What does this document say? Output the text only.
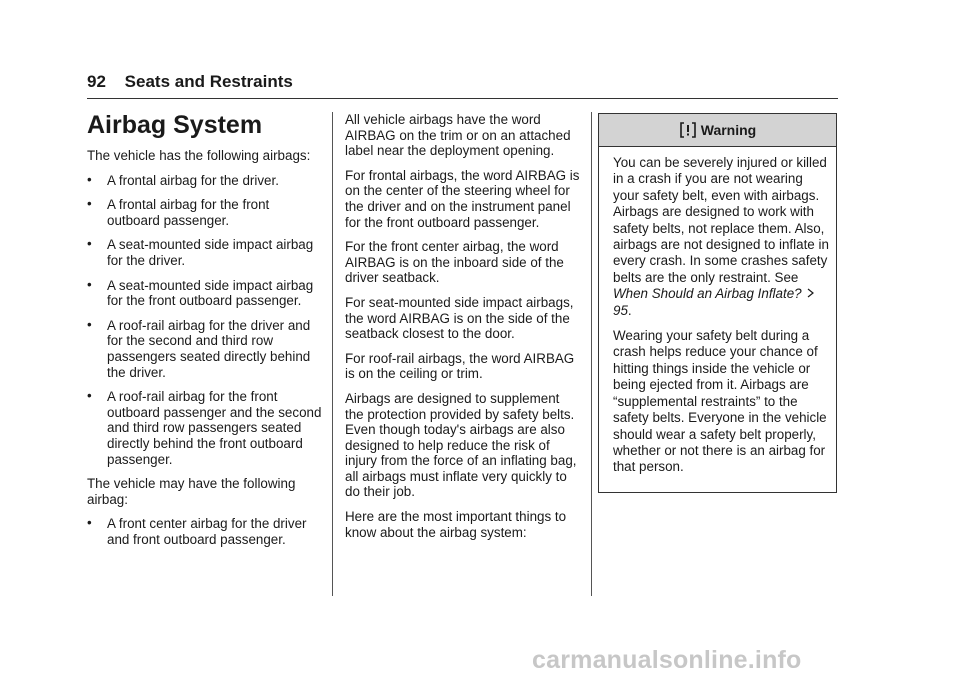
92 Seats and Restraints
Airbag System

The vehicle has the following airbags:

• A frontal airbag for the driver.
• A frontal airbag for the front outboard passenger.
• A seat-mounted side impact airbag for the driver.
• A seat-mounted side impact airbag for the front outboard passenger.
• A roof-rail airbag for the driver and for the second and third row passengers seated directly behind the driver.
• A roof-rail airbag for the front outboard passenger and the second and third row passengers seated directly behind the front outboard passenger.

The vehicle may have the following airbag:

• A front center airbag for the driver and front outboard passenger.

All vehicle airbags have the word AIRBAG on the trim or on an attached label near the deployment opening.

For frontal airbags, the word AIRBAG is on the center of the steering wheel for the driver and on the instrument panel for the front outboard passenger.

For the front center airbag, the word AIRBAG is on the inboard side of the driver seatback.

For seat-mounted side impact airbags, the word AIRBAG is on the side of the seatback closest to the door.

For roof-rail airbags, the word AIRBAG is on the ceiling or trim.

Airbags are designed to supplement the protection provided by safety belts. Even though today's airbags are also designed to help reduce the risk of injury from the force of an inflating bag, all airbags must inflate very quickly to do their job.

Here are the most important things to know about the airbag system:

Warning

You can be severely injured or killed in a crash if you are not wearing your safety belt, even with airbags. Airbags are designed to work with safety belts, not replace them. Also, airbags are not designed to inflate in every crash. In some crashes safety belts are the only restraint. See When Should an Airbag Inflate?95.

Wearing your safety belt during a crash helps reduce your chance of hitting things inside the vehicle or being ejected from it. Airbags are “supplemental restraints” to the safety belts. Everyone in the vehicle should wear a safety belt properly, whether or not there is an airbag for that person.

carmanualsonline.info
